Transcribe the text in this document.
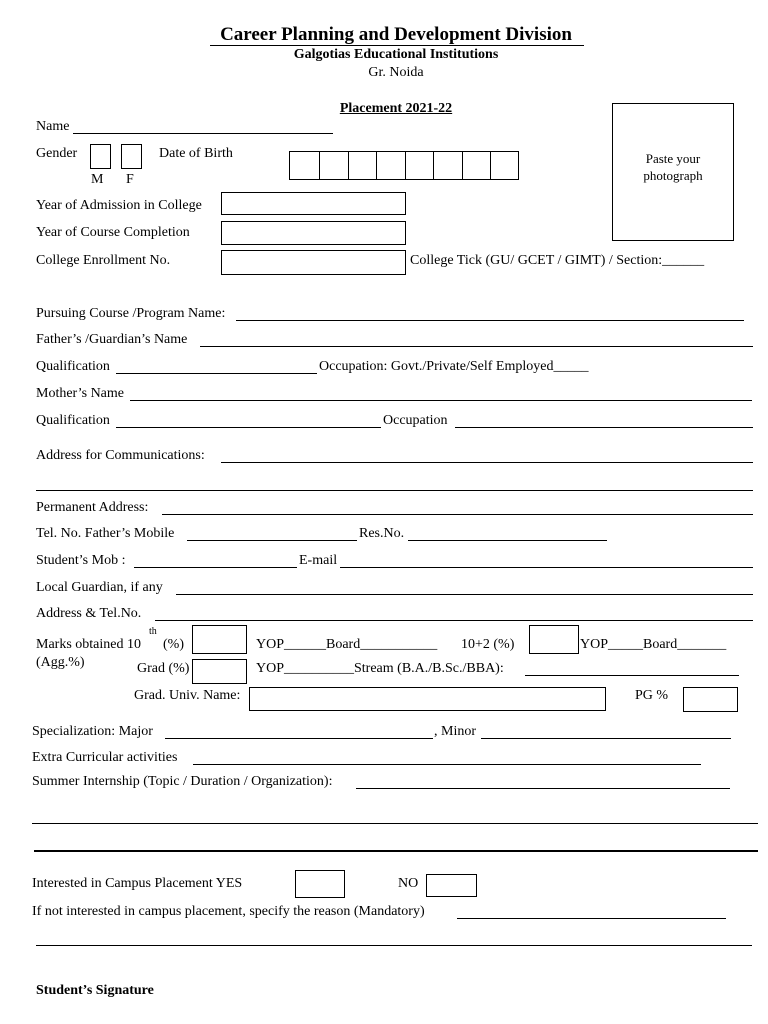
Career Planning and Development Division
Galgotias Educational Institutions
Gr. Noida
Placement 2021-22
Paste your
photograph
Name
Gender
M F
Date of Birth
Year of Admission in College
Year of Course Completion
College Enrollment No.	College Tick (GU/ GCET / GIMT) / Section:______
Pursuing Course /Program Name:
Father’s /Guardian’s Name
Qualification	Occupation: Govt./Private/Self Employed_____
Mother’s Name
Qualification	Occupation
Address for Communications:
Permanent Address:
Tel. No. Father’s Mobile	Res.No.
Student’s Mob :	E-mail
Local Guardian, if any
Address & Tel.No.
Marks obtained 10
th
(%)	YOP______Board___________ 10+2 (%)	YOP_____Board_______
(Agg.%)	Grad (%)	YOP__________Stream (B.A./B.Sc./BBA):
Grad. Univ. Name:	PG %
Specialization: Major	, Minor
Extra Curricular activities
Summer Internship (Topic / Duration / Organization):
Interested in Campus Placement YES	NO
If not interested in campus placement, specify the reason (Mandatory)
Student’s Signature
